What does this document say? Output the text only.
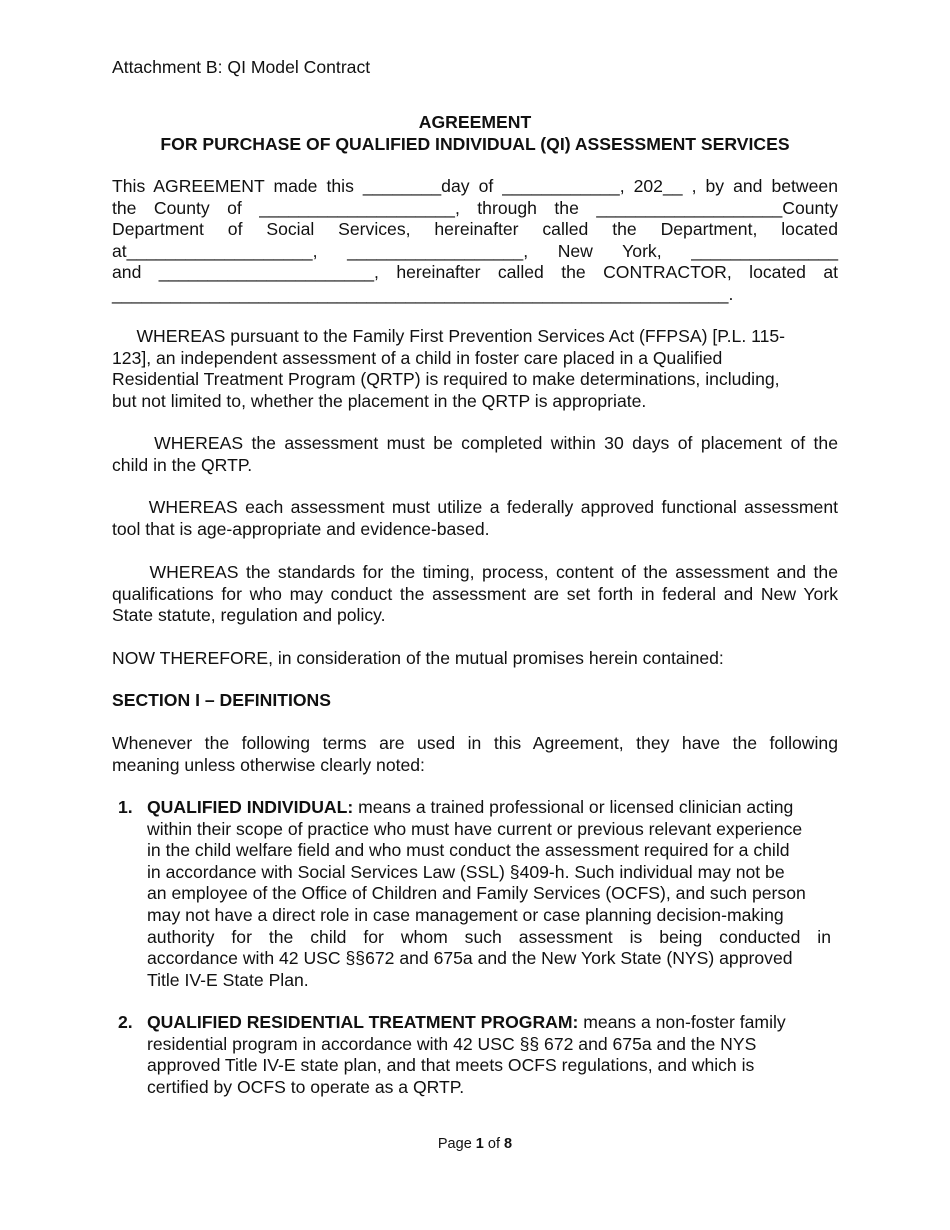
Attachment B: QI Model Contract
AGREEMENT
FOR PURCHASE OF QUALIFIED INDIVIDUAL (QI) ASSESSMENT SERVICES
This AGREEMENT made this ________day of ____________, 202__ , by and between
the County of ____________________, through the ___________________County
Department of Social Services, hereinafter called the Department, located
at___________________, __________________, New York, _______________
and ______________________, hereinafter called the CONTRACTOR, located at
_______________________________________________________________.
WHEREAS pursuant to the Family First Prevention Services Act (FFPSA) [P.L. 115-
123], an independent assessment of a child in foster care placed in a Qualified
Residential Treatment Program (QRTP) is required to make determinations, including,
but not limited to, whether the placement in the QRTP is appropriate.
WHEREAS the assessment must be completed within 30 days of placement of the
child in the QRTP.
WHEREAS each assessment must utilize a federally approved functional assessment
tool that is age-appropriate and evidence-based.
WHEREAS the standards for the timing, process, content of the assessment and the
qualifications for who may conduct the assessment are set forth in federal and New York
State statute, regulation and policy.
NOW THEREFORE, in consideration of the mutual promises herein contained:
SECTION I – DEFINITIONS
Whenever the following terms are used in this Agreement, they have the following
meaning unless otherwise clearly noted:
1. QUALIFIED INDIVIDUAL: means a trained professional or licensed clinician acting
within their scope of practice who must have current or previous relevant experience
in the child welfare field and who must conduct the assessment required for a child
in accordance with Social Services Law (SSL) §409-h. Such individual may not be
an employee of the Office of Children and Family Services (OCFS), and such person
may not have a direct role in case management or case planning decision-making
authority for the child for whom such assessment is being conducted in
accordance with 42 USC §§672 and 675a and the New York State (NYS) approved
Title IV-E State Plan.
2. QUALIFIED RESIDENTIAL TREATMENT PROGRAM: means a non-foster family
residential program in accordance with 42 USC §§ 672 and 675a and the NYS
approved Title IV-E state plan, and that meets OCFS regulations, and which is
certified by OCFS to operate as a QRTP.
Page 1 of 8
